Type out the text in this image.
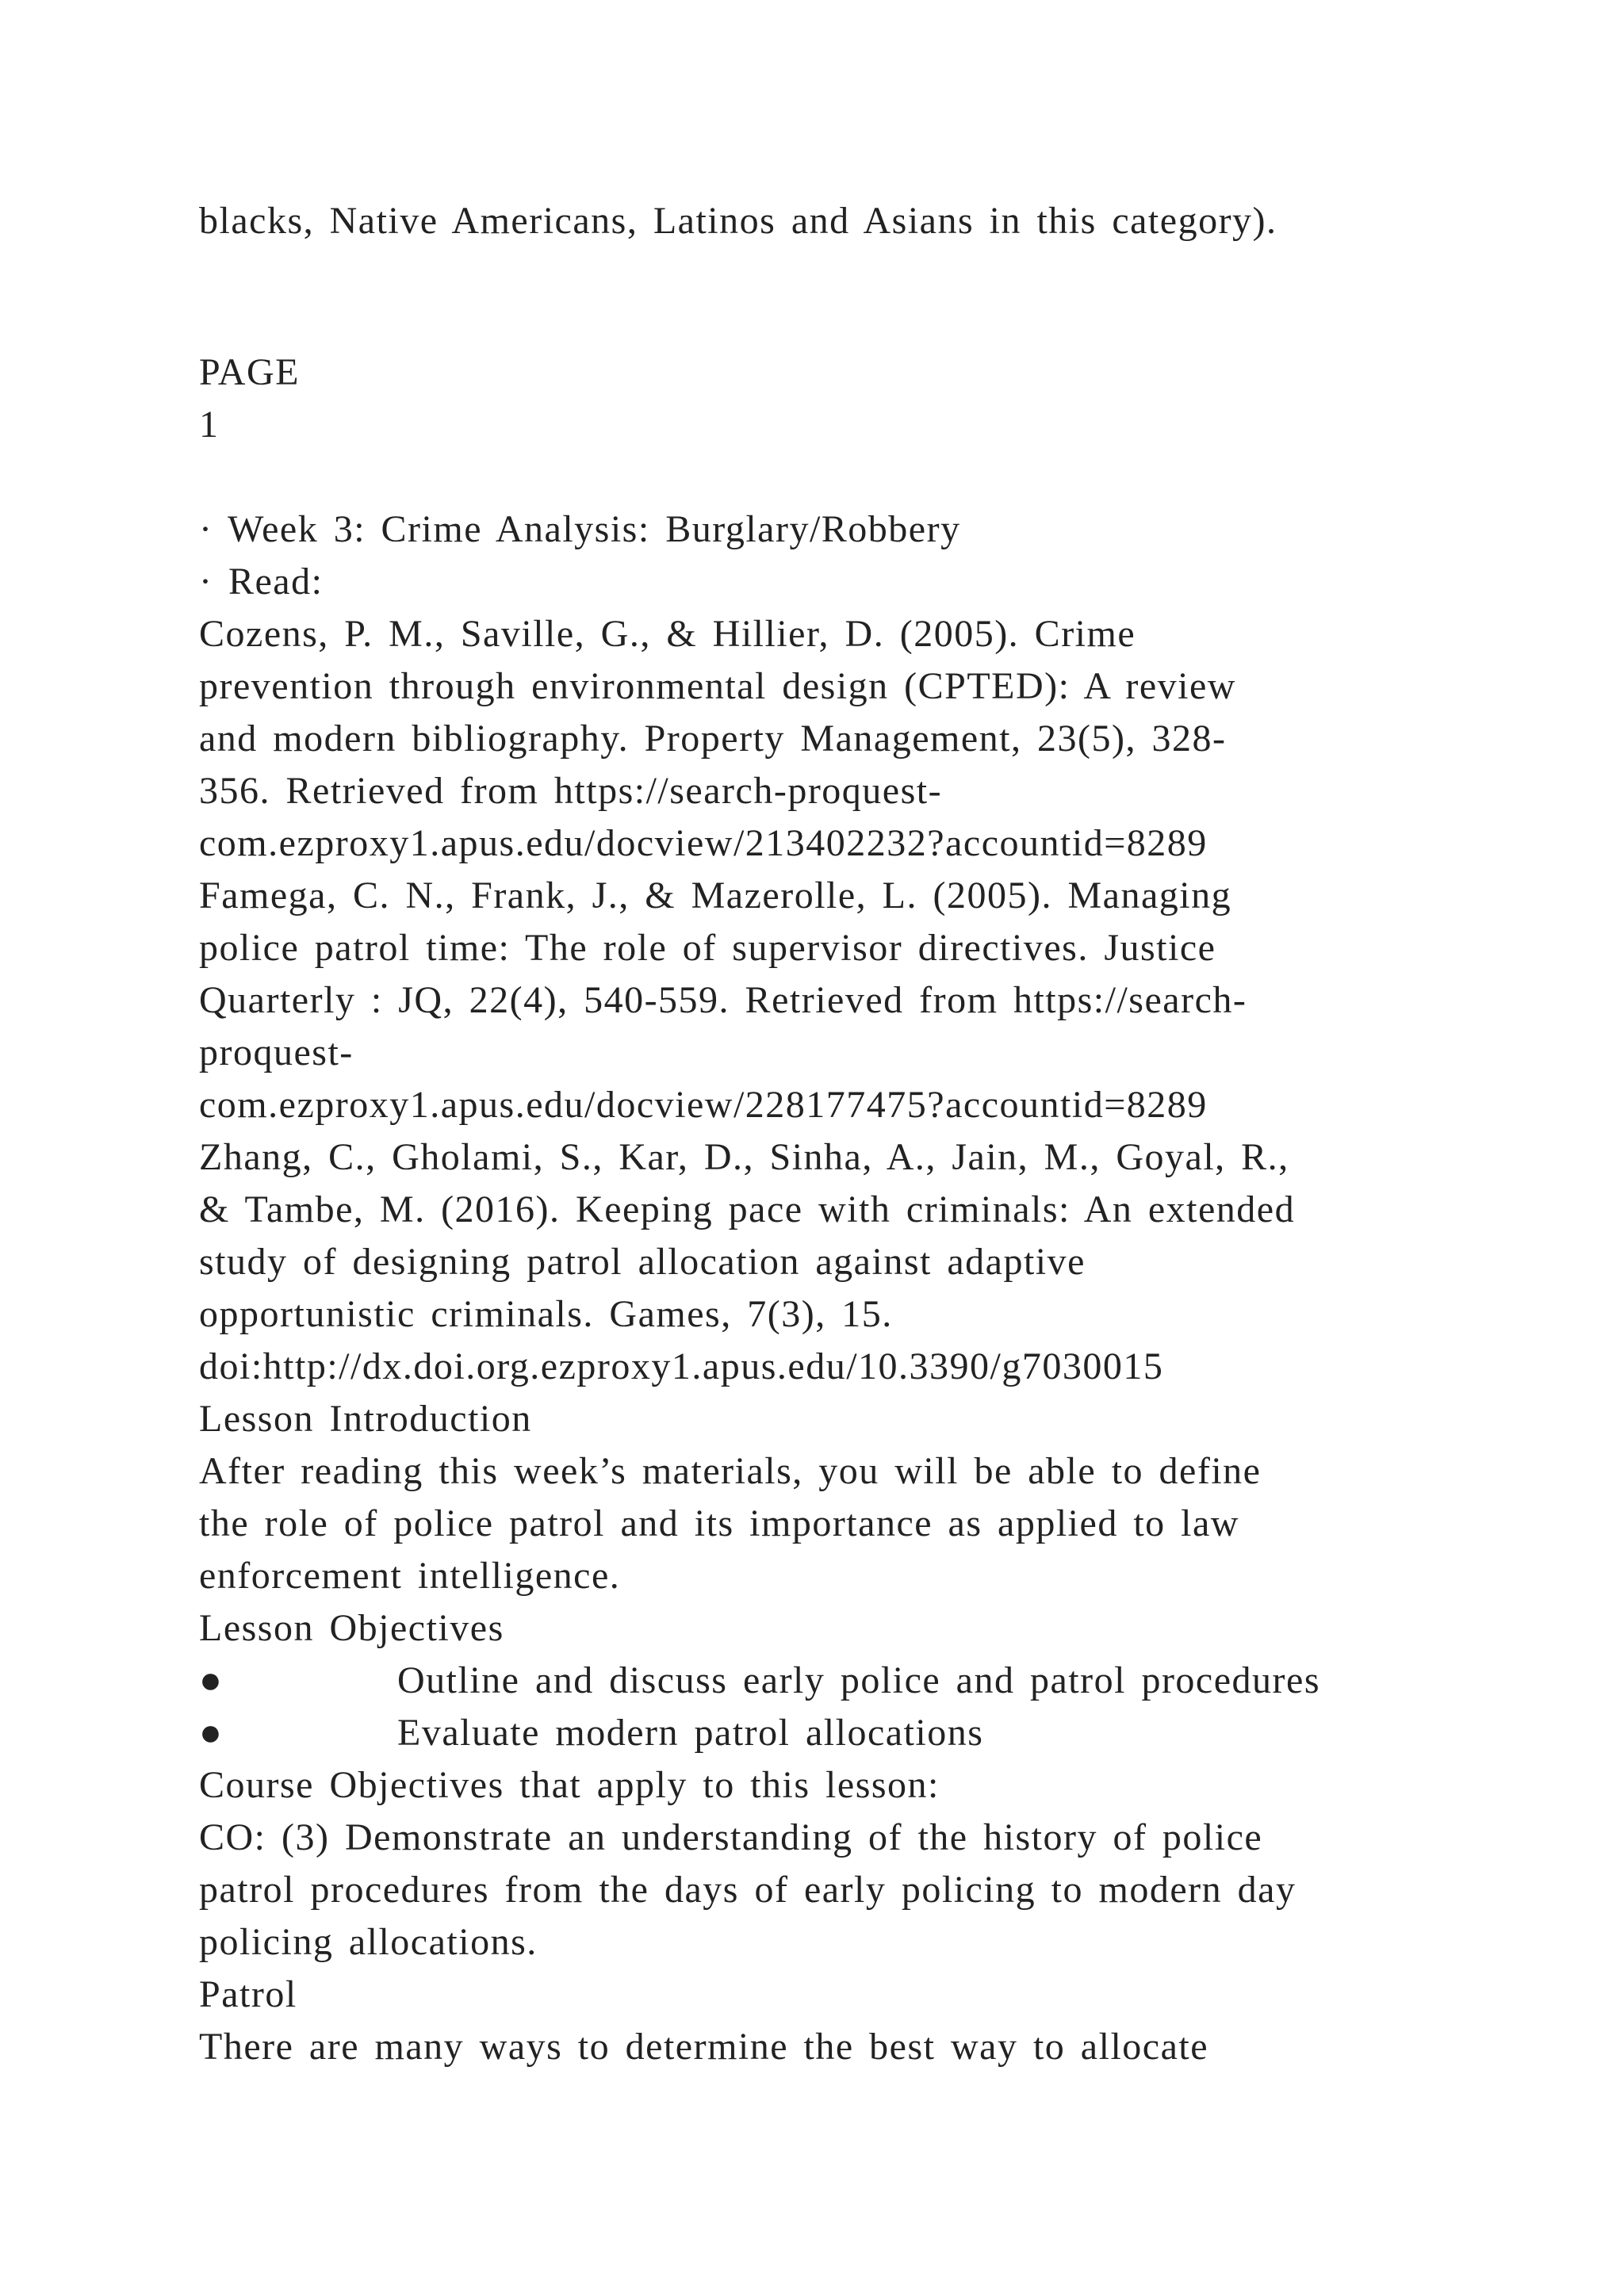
blacks, Native Americans, Latinos and Asians in this category).
PAGE
1
· Week 3: Crime Analysis: Burglary/Robbery
· Read:
Cozens, P. M., Saville, G., & Hillier, D. (2005). Crime
prevention through environmental design (CPTED): A review
and modern bibliography. Property Management, 23(5), 328-
356. Retrieved from https://search-proquest-
com.ezproxy1.apus.edu/docview/213402232?accountid=8289
Famega, C. N., Frank, J., & Mazerolle, L. (2005). Managing
police patrol time: The role of supervisor directives. Justice
Quarterly : JQ, 22(4), 540-559. Retrieved from https://search-
proquest-
com.ezproxy1.apus.edu/docview/228177475?accountid=8289
Zhang, C., Gholami, S., Kar, D., Sinha, A., Jain, M., Goyal, R.,
& Tambe, M. (2016). Keeping pace with criminals: An extended
study of designing patrol allocation against adaptive
opportunistic criminals. Games, 7(3), 15.
doi:http://dx.doi.org.ezproxy1.apus.edu/10.3390/g7030015
Lesson Introduction
After reading this week’s materials, you will be able to define
the role of police patrol and its importance as applied to law
enforcement intelligence.
Lesson Objectives
●	Outline and discuss early police and patrol procedures
●	Evaluate modern patrol allocations
Course Objectives that apply to this lesson:
CO: (3) Demonstrate an understanding of the history of police
patrol procedures from the days of early policing to modern day
policing allocations.
Patrol
There are many ways to determine the best way to allocate
